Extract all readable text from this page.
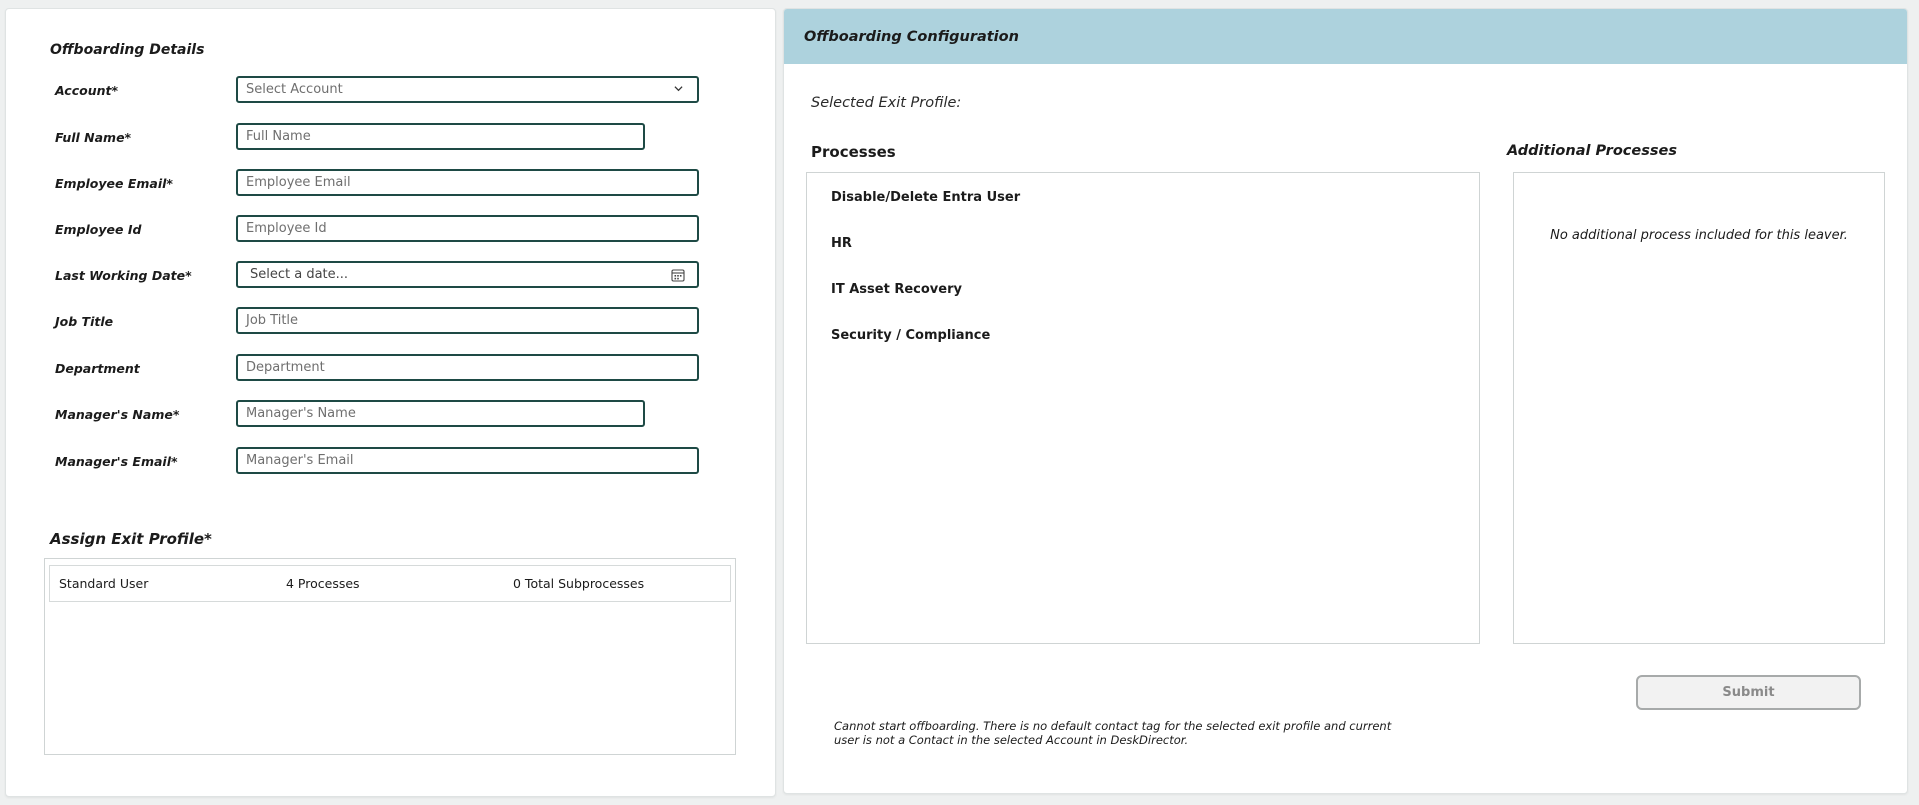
Offboarding Details
Account*	Select Account
Full Name*	Full Name
Employee Email*	Employee Email
Employee Id	Employee Id
Last Working Date*	Select a date...
Job Title	Job Title
Department	Department
Manager's Name*	Manager's Name
Manager's Email*	Manager's Email
Assign Exit Profile*
Standard User	4 Processes	0 Total Subprocesses
Offboarding Configuration
Selected Exit Profile:
Processes	Additional Processes
Disable/Delete Entra User
HR
IT Asset Recovery
Security / Compliance
No additional process included for this leaver.
Submit
Cannot start offboarding. There is no default contact tag for the selected exit profile and current user is not a Contact in the selected Account in DeskDirector.
